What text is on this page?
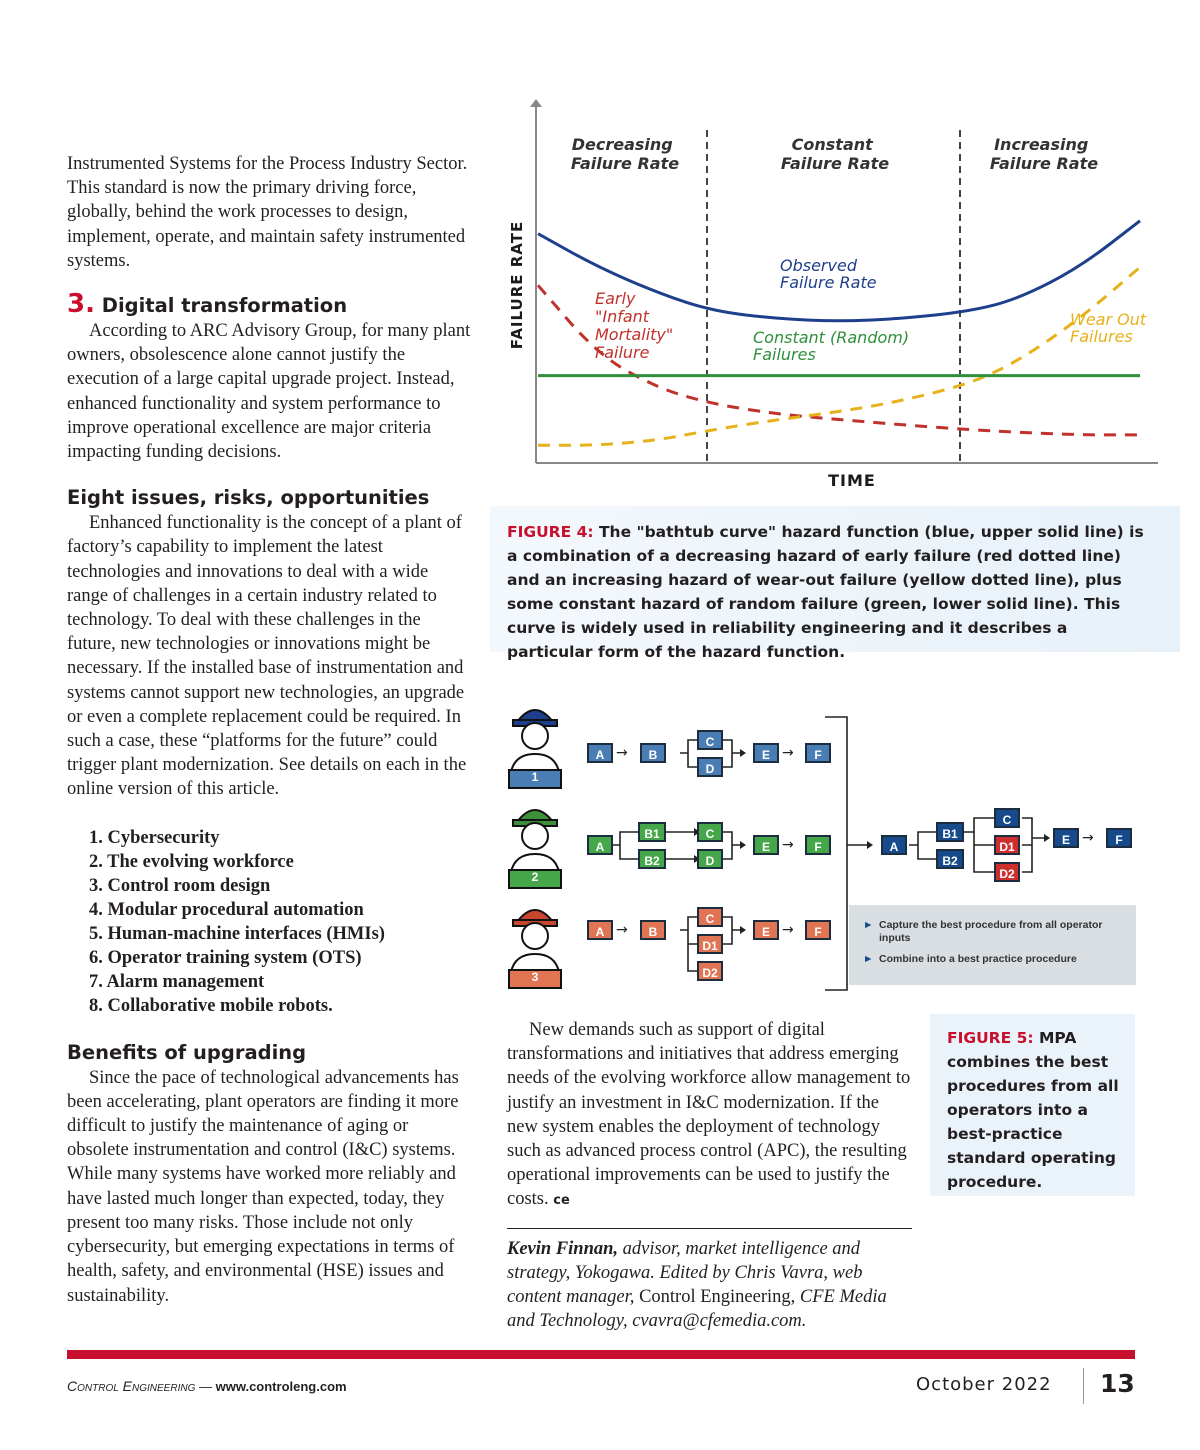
Instrumented Systems for the Process Industry Sector. This standard is now the primary driving force, globally, behind the work processes to design, implement, operate, and maintain safety instrumented systems.

3. Digital transformation

According to ARC Advisory Group, for many plant owners, obsolescence alone cannot justify the execution of a large capital upgrade project. Instead, enhanced functionality and system performance to improve operational excellence are major criteria impacting funding decisions.

Eight issues, risks, opportunities

Enhanced functionality is the concept of a plant of factory’s capability to implement the latest technologies and innovations to deal with a wide range of challenges in a certain industry related to technology. To deal with these challenges in the future, new technologies or innovations might be necessary. If the installed base of instrumentation and systems cannot support new technologies, an upgrade or even a complete replacement could be required. In such a case, these “platforms for the future” could trigger plant modernization. See details on each in the online version of this article.

1. Cybersecurity
2. The evolving workforce
3. Control room design
4. Modular procedural automation
5. Human-machine interfaces (HMIs)
6. Operator training system (OTS)
7. Alarm management
8. Collaborative mobile robots.
Benefits of upgrading

Since the pace of technological advancements has been accelerating, plant operators are finding it more difficult to justify the maintenance of aging or obsolete instrumentation and control (I&C) systems. While many systems have worked more reliably and have lasted much longer than expected, today, they present too many risks. Those include not only cybersecurity, but emerging expectations in terms of health, safety, and environmental (HSE) issues and sustainability.

Decreasing Failure Rate
Constant Failure Rate
Increasing Failure Rate
Observed Failure Rate
Early "Infant Mortality" Failure
Constant (Random) Failures
Wear Out Failures
FAILURE RATE
TIME
FIGURE 4: The "bathtub curve" hazard function (blue, upper solid line) is a combination of a decreasing hazard of early failure (red dotted line) and an increasing hazard of wear-out failure (yellow dotted line), plus some constant hazard of random failure (green, lower solid line). This curve is widely used in reliability engineering and it describes a particular form of the hazard function.
1
2
3
A →	B
C
D
E →	F
A
B1
B2
C
D
E →	F
A →	B
C
D1
D2
E →	F
A
B1
B2
C
D1
D2
E →	F
► Capture the best procedure from all operator inputs
► Combine into a best practice procedure

New demands such as support of digital transformations and initiatives that address emerging needs of the evolving workforce allow management to justify an investment in I&C modernization. If the new system enables the deployment of technology such as advanced process control (APC), the resulting operational improvements can be used to justify the costs. ce

Kevin Finnan, advisor, market intelligence and strategy, Yokogawa. Edited by Chris Vavra, web content manager, Control Engineering, CFE Media and Technology, cvavra@cfemedia.com.

FIGURE 5: MPA combines the best procedures from all operators into a best-practice standard operating procedure.
Control Engineering — www.controleng.com	October 2022 13
